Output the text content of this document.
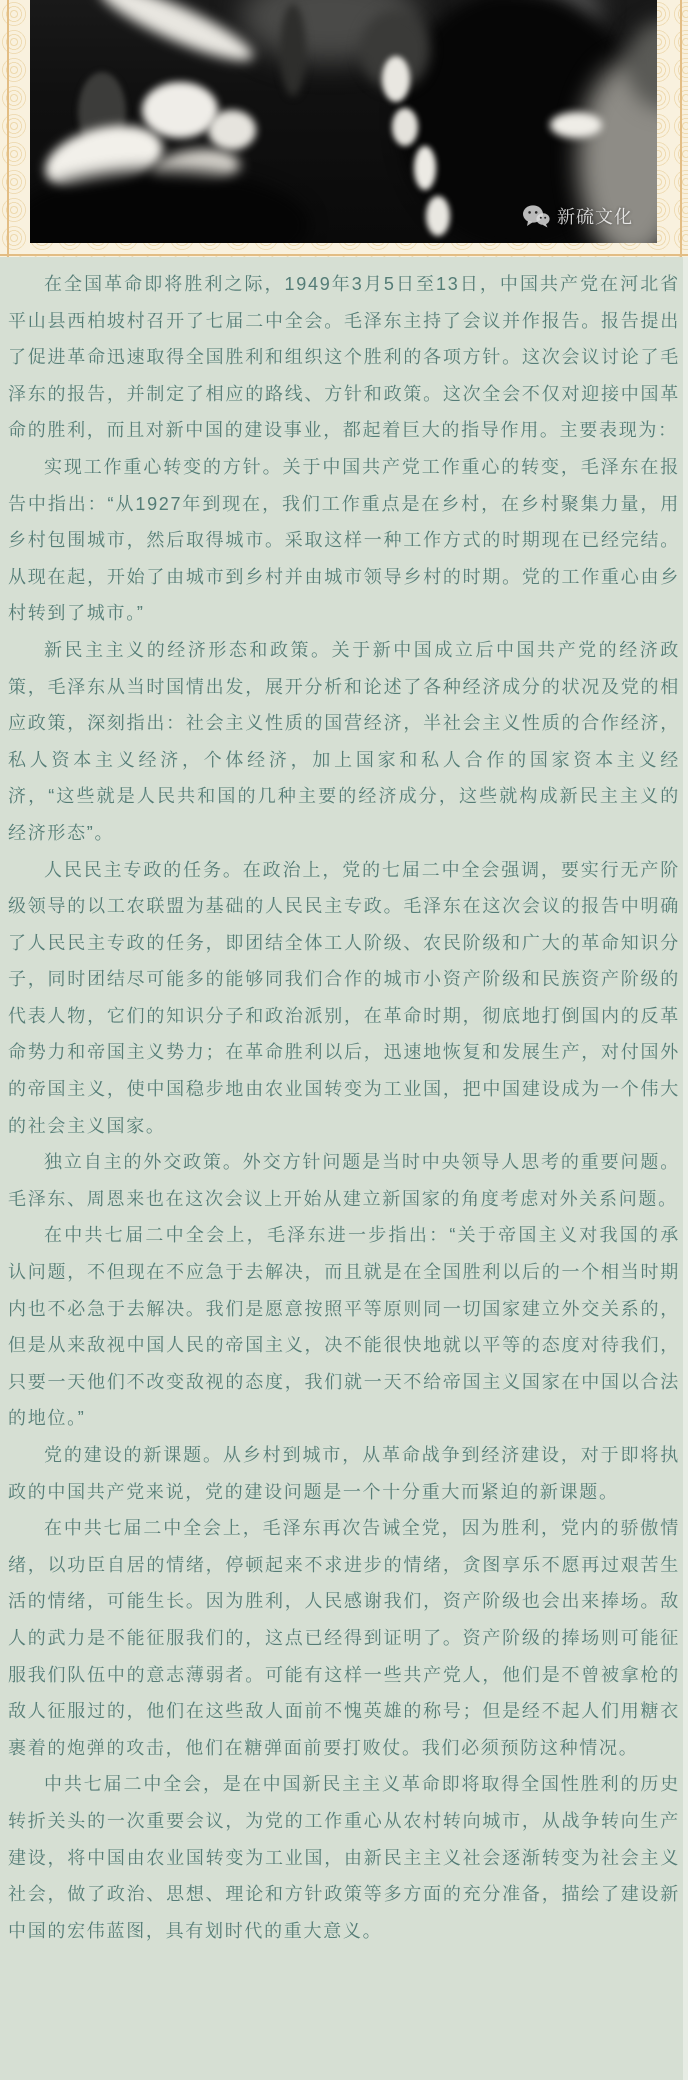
新硫文化

在全国革命即将胜利之际，1949年3月5日至13日，中国共产党在河北省平山县西柏坡村召开了七届二中全会。毛泽东主持了会议并作报告。报告提出了促进革命迅速取得全国胜利和组织这个胜利的各项方针。这次会议讨论了毛泽东的报告，并制定了相应的路线、方针和政策。这次全会不仅对迎接中国革命的胜利，而且对新中国的建设事业，都起着巨大的指导作用。主要表现为：

实现工作重心转变的方针。关于中国共产党工作重心的转变，毛泽东在报告中指出：“从1927年到现在，我们工作重点是在乡村，在乡村聚集力量，用乡村包围城市，然后取得城市。采取这样一种工作方式的时期现在已经完结。从现在起，开始了由城市到乡村并由城市领导乡村的时期。党的工作重心由乡村转到了城市。”

新民主主义的经济形态和政策。关于新中国成立后中国共产党的经济政策，毛泽东从当时国情出发，展开分析和论述了各种经济成分的状况及党的相应政策，深刻指出：社会主义性质的国营经济，半社会主义性质的合作经济，私人资本主义经济，个体经济，加上国家和私人合作的国家资本主义经济，“这些就是人民共和国的几种主要的经济成分，这些就构成新民主主义的经济形态”。

人民民主专政的任务。在政治上，党的七届二中全会强调，要实行无产阶级领导的以工农联盟为基础的人民民主专政。毛泽东在这次会议的报告中明确了人民民主专政的任务，即团结全体工人阶级、农民阶级和广大的革命知识分子，同时团结尽可能多的能够同我们合作的城市小资产阶级和民族资产阶级的代表人物，它们的知识分子和政治派别，在革命时期，彻底地打倒国内的反革命势力和帝国主义势力；在革命胜利以后，迅速地恢复和发展生产，对付国外的帝国主义，使中国稳步地由农业国转变为工业国，把中国建设成为一个伟大的社会主义国家。

独立自主的外交政策。外交方针问题是当时中央领导人思考的重要问题。毛泽东、周恩来也在这次会议上开始从建立新国家的角度考虑对外关系问题。

在中共七届二中全会上，毛泽东进一步指出：“关于帝国主义对我国的承认问题，不但现在不应急于去解决，而且就是在全国胜利以后的一个相当时期内也不必急于去解决。我们是愿意按照平等原则同一切国家建立外交关系的，但是从来敌视中国人民的帝国主义，决不能很快地就以平等的态度对待我们，只要一天他们不改变敌视的态度，我们就一天不给帝国主义国家在中国以合法的地位。”

党的建设的新课题。从乡村到城市，从革命战争到经济建设，对于即将执政的中国共产党来说，党的建设问题是一个十分重大而紧迫的新课题。

在中共七届二中全会上，毛泽东再次告诫全党，因为胜利，党内的骄傲情绪，以功臣自居的情绪，停顿起来不求进步的情绪，贪图享乐不愿再过艰苦生活的情绪，可能生长。因为胜利，人民感谢我们，资产阶级也会出来捧场。敌人的武力是不能征服我们的，这点已经得到证明了。资产阶级的捧场则可能征服我们队伍中的意志薄弱者。可能有这样一些共产党人，他们是不曾被拿枪的敌人征服过的，他们在这些敌人面前不愧英雄的称号；但是经不起人们用糖衣裹着的炮弹的攻击，他们在糖弹面前要打败仗。我们必须预防这种情况。

中共七届二中全会，是在中国新民主主义革命即将取得全国性胜利的历史转折关头的一次重要会议，为党的工作重心从农村转向城市，从战争转向生产建设，将中国由农业国转变为工业国，由新民主主义社会逐渐转变为社会主义社会，做了政治、思想、理论和方针政策等多方面的充分准备，描绘了建设新中国的宏伟蓝图，具有划时代的重大意义。
